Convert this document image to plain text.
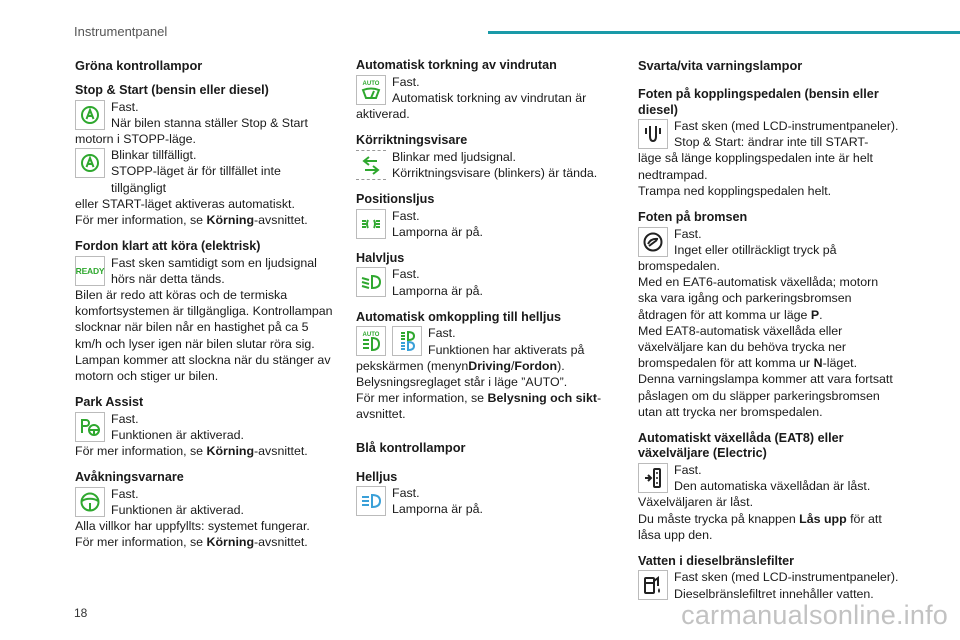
Instrumentpanel
Gröna kontrollampor
Stop & Start (bensin eller diesel)

Fast.

När bilen stanna ställer Stop & Start

motorn i STOPP-läge.

Blinkar tillfälligt.

STOPP-läget är för tillfället inte tillgängligt

eller START-läget aktiveras automatiskt.

För mer information, se Körning-avsnittet.

Fordon klart att köra (elektrisk)
READY

Fast sken samtidigt som en ljudsignal

hörs när detta tänds.

Bilen är redo att köras och de termiska komfortsystemen är tillgängliga. Kontrollampan slocknar när bilen når en hastighet på ca 5 km/h och lyser igen när bilen slutar röra sig. Lampan kommer att slockna när du stänger av motorn och stiger ur bilen.

Park Assist

Fast.

Funktionen är aktiverad.

För mer information, se Körning-avsnittet.

Avåkningsvarnare

Fast.

Funktionen är aktiverad.

Alla villkor har uppfyllts: systemet fungerar.

För mer information, se Körning-avsnittet.

Automatisk torkning av vindrutan
AUTO Fast.

Automatisk torkning av vindrutan är

aktiverad.

Körriktningsvisare

Blinkar med ljudsignal.

Körriktningsvisare (blinkers) är tända.

Positionsljus

Fast.

Lamporna är på.

Halvljus

Fast.

Lamporna är på.

Automatisk omkoppling till helljus
AUTO	Fast.

Funktionen har aktiverats på

pekskärmen (menynDriving/Fordon).

Belysningsreglaget står i läge ”AUTO”.

För mer information, se Belysning och sikt-avsnittet.

Blå kontrollampor
Helljus

Fast.

Lamporna är på.

Svarta/vita varningslampor
Foten på kopplingspedalen (bensin eller diesel)

Fast sken (med LCD-instrumentpaneler).

Stop & Start: ändrar inte till START-

läge så länge kopplingspedalen inte är helt nedtrampad.

Trampa ned kopplingspedalen helt.

Foten på bromsen

Fast.

Inget eller otillräckligt tryck på

bromspedalen.

Med en EAT6-automatisk växellåda; motorn ska vara igång och parkeringsbromsen åtdragen för att komma ur läge P.

Med EAT8-automatisk växellåda eller växelväljare kan du behöva trycka ner bromspedalen för att komma ur N-läget.

Denna varningslampa kommer att vara fortsatt påslagen om du släpper parkeringsbromsen utan att trycka ner bromspedalen.

Automatiskt växellåda (EAT8) eller växelväljare (Electric)

Fast.

Den automatiska växellådan är låst.

Växelväljaren är låst.

Du måste trycka på knappen Lås upp för att låsa upp den.

Vatten i dieselbränslefilter

Fast sken (med LCD-instrumentpaneler).

Dieselbränslefiltret innehåller vatten.

18	carmanualsonline.info
